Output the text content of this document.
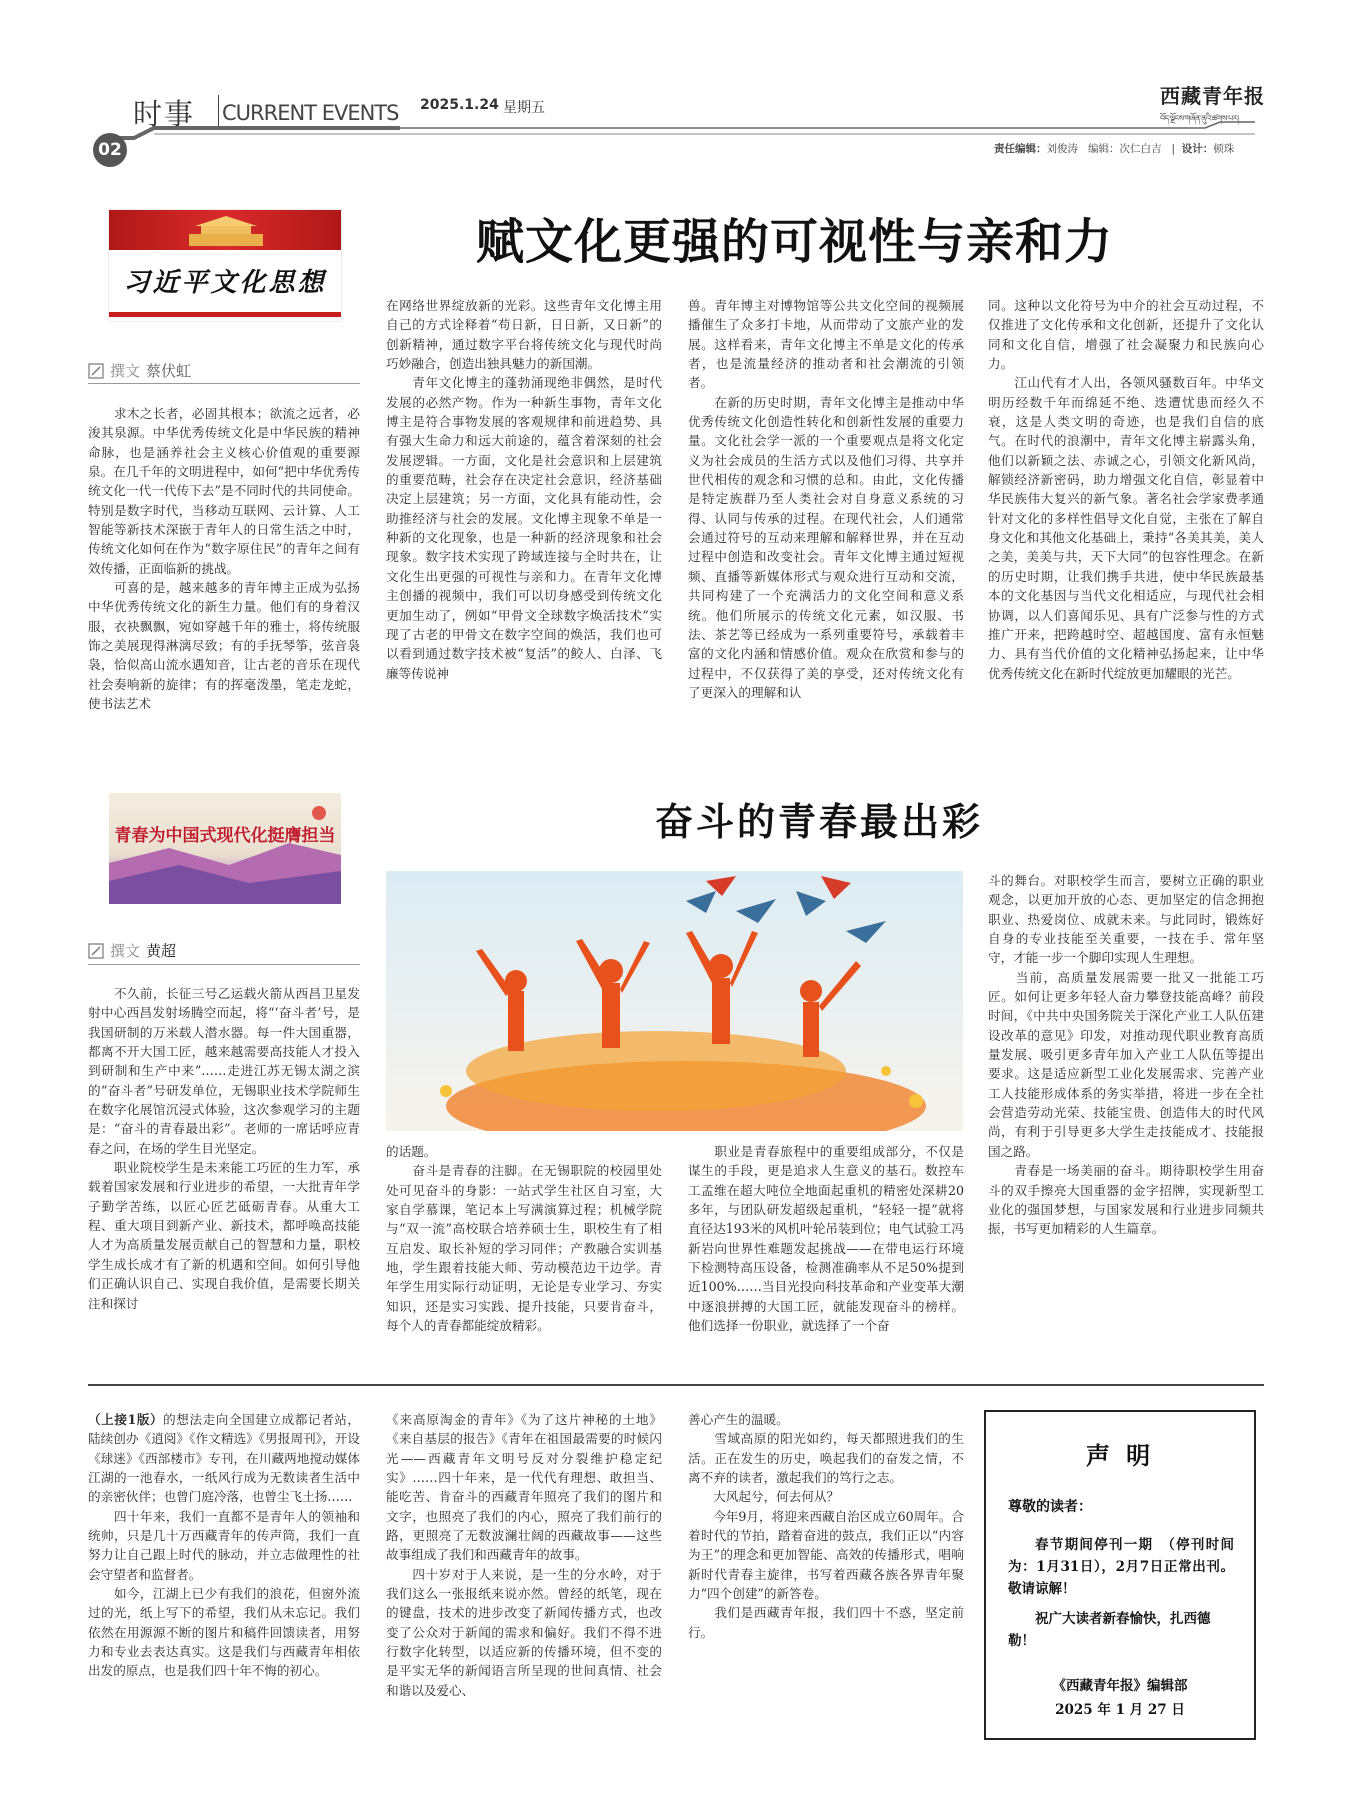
时事 CURRENT EVENTS 2025.1.24 星期五	西藏青年报
བོད་ལྗོངས་གཞོན་ནུའི་ཚགས་པར།
02	责任编辑：刘俊涛 编辑：次仁白吉   |  设计：顿珠
习近平文化思想
赋文化更强的可视性与亲和力
撰文 蔡伏虹
　　求木之长者，必固其根本；欲流之远者，必浚其泉源。中华优秀传统文化是中华民族的精神命脉，也是涵养社会主义核心价值观的重要源泉。在几千年的文明进程中，如何“把中华优秀传统文化一代一代传下去”是不同时代的共同使命。特别是数字时代，当移动互联网、云计算、人工智能等新技术深嵌于青年人的日常生活之中时，传统文化如何在作为“数字原住民”的青年之间有效传播，正面临新的挑战。
　　可喜的是，越来越多的青年博主正成为弘扬中华优秀传统文化的新生力量。他们有的身着汉服，衣袂飘飘，宛如穿越千年的雅士，将传统服饰之美展现得淋漓尽致；有的手抚琴筝，弦音袅袅，恰似高山流水遇知音，让古老的音乐在现代社会奏响新的旋律；有的挥毫泼墨，笔走龙蛇，使书法艺术
在网络世界绽放新的光彩。这些青年文化博主用自己的方式诠释着“苟日新，日日新，又日新”的创新精神，通过数字平台将传统文化与现代时尚巧妙融合，创造出独具魅力的新国潮。
　　青年文化博主的蓬勃涌现绝非偶然，是时代发展的必然产物。作为一种新生事物，青年文化博主是符合事物发展的客观规律和前进趋势、具有强大生命力和远大前途的，蕴含着深刻的社会发展逻辑。一方面，文化是社会意识和上层建筑的重要范畴，社会存在决定社会意识，经济基础决定上层建筑；另一方面，文化具有能动性，会助推经济与社会的发展。文化博主现象不单是一种新的文化现象，也是一种新的经济现象和社会现象。数字技术实现了跨域连接与全时共在，让文化生出更强的可视性与亲和力。在青年文化博主创播的视频中，我们可以切身感受到传统文化更加生动了，例如“甲骨文全球数字焕活技术”实现了古老的甲骨文在数字空间的焕活，我们也可以看到通过数字技术被“复活”的鲛人、白泽、飞廉等传说神
兽。青年博主对博物馆等公共文化空间的视频展播催生了众多打卡地，从而带动了文旅产业的发展。这样看来，青年文化博主不单是文化的传承者，也是流量经济的推动者和社会潮流的引领者。
　　在新的历史时期，青年文化博主是推动中华优秀传统文化创造性转化和创新性发展的重要力量。文化社会学一派的一个重要观点是将文化定义为社会成员的生活方式以及他们习得、共享并世代相传的观念和习惯的总和。由此，文化传播是特定族群乃至人类社会对自身意义系统的习得、认同与传承的过程。在现代社会，人们通常会通过符号的互动来理解和解释世界，并在互动过程中创造和改变社会。青年文化博主通过短视频、直播等新媒体形式与观众进行互动和交流，共同构建了一个充满活力的文化空间和意义系统。他们所展示的传统文化元素，如汉服、书法、茶艺等已经成为一系列重要符号，承载着丰富的文化内涵和情感价值。观众在欣赏和参与的过程中，不仅获得了美的享受，还对传统文化有了更深入的理解和认
同。这种以文化符号为中介的社会互动过程，不仅推进了文化传承和文化创新，还提升了文化认同和文化自信，增强了社会凝聚力和民族向心力。
　　江山代有才人出，各领风骚数百年。中华文明历经数千年而绵延不绝、迭遭忧患而经久不衰，这是人类文明的奇迹，也是我们自信的底气。在时代的浪潮中，青年文化博主崭露头角，他们以新颖之法、赤诚之心，引领文化新风尚，解锁经济新密码，助力增强文化自信，彰显着中华民族伟大复兴的新气象。著名社会学家费孝通针对文化的多样性倡导文化自觉，主张在了解自身文化和其他文化基础上，秉持“各美其美，美人之美，美美与共，天下大同”的包容性理念。在新的历史时期，让我们携手共进，使中华民族最基本的文化基因与当代文化相适应，与现代社会相协调，以人们喜闻乐见、具有广泛参与性的方式推广开来，把跨越时空、超越国度、富有永恒魅力、具有当代价值的文化精神弘扬起来，让中华优秀传统文化在新时代绽放更加耀眼的光芒。
青春为中国式现代化挺膺担当	奋斗的青春最出彩
撰文 黄超
　　不久前，长征三号乙运载火箭从西昌卫星发射中心西昌发射场腾空而起，将“‘奋斗者’号，是我国研制的万米载人潜水器。每一件大国重器，都离不开大国工匠，越来越需要高技能人才投入到研制和生产中来”……走进江苏无锡太湖之滨的“奋斗者”号研发单位，无锡职业技术学院师生在数字化展馆沉浸式体验，这次参观学习的主题是：“奋斗的青春最出彩”。老师的一席话呼应青春之问，在场的学生目光坚定。
　　职业院校学生是未来能工巧匠的生力军，承载着国家发展和行业进步的希望，一大批青年学子勤学苦练，以匠心匠艺砥砺青春。从重大工程、重大项目到新产业、新技术，都呼唤高技能人才为高质量发展贡献自己的智慧和力量，职校学生成长成才有了新的机遇和空间。如何引导他们正确认识自己、实现自我价值，是需要长期关注和探讨
的话题。
　　奋斗是青春的注脚。在无锡职院的校园里处处可见奋斗的身影：一站式学生社区自习室，大家自学慕课，笔记本上写满演算过程；机械学院与“双一流”高校联合培养硕士生，职校生有了相互启发、取长补短的学习同伴；产教融合实训基地，学生跟着技能大师、劳动模范边干边学。青年学生用实际行动证明，无论是专业学习、夯实知识，还是实习实践、提升技能，只要肯奋斗，每个人的青春都能绽放精彩。
　　职业是青春旅程中的重要组成部分，不仅是谋生的手段，更是追求人生意义的基石。数控车工孟维在超大吨位全地面起重机的精密处深耕20多年，与团队研发超级起重机，“轻轻一提”就将直径达193米的风机叶轮吊装到位；电气试验工冯新岩向世界性难题发起挑战——在带电运行环境下检测特高压设备，检测准确率从不足50%提到近100%……当目光投向科技革命和产业变革大潮中逐浪拼搏的大国工匠，就能发现奋斗的榜样。他们选择一份职业，就选择了一个奋
斗的舞台。对职校学生而言，要树立正确的职业观念，以更加开放的心态、更加坚定的信念拥抱职业、热爱岗位、成就未来。与此同时，锻炼好自身的专业技能至关重要，一技在手、常年坚守，才能一步一个脚印实现人生理想。
　　当前，高质量发展需要一批又一批能工巧匠。如何让更多年轻人奋力攀登技能高峰？前段时间，《中共中央国务院关于深化产业工人队伍建设改革的意见》印发，对推动现代职业教育高质量发展、吸引更多青年加入产业工人队伍等提出要求。这是适应新型工业化发展需求、完善产业工人技能形成体系的务实举措，将进一步在全社会营造劳动光荣、技能宝贵、创造伟大的时代风尚，有利于引导更多大学生走技能成才、技能报国之路。
　　青春是一场美丽的奋斗。期待职校学生用奋斗的双手擦亮大国重器的金字招牌，实现新型工业化的强国梦想，与国家发展和行业进步同频共振，书写更加精彩的人生篇章。

（上接1版）的想法走向全国建立成都记者站，陆续创办《逍阅》《作文精选》《男报周刊》，开设《球迷》《西部楼市》专刊，在川藏两地搅动媒体江湖的一池春水，一纸风行成为无数读者生活中的亲密伙伴；也曾门庭冷落，也曾尘飞土扬……
　　四十年来，我们一直都不是青年人的领袖和统帅，只是几十万西藏青年的传声筒，我们一直努力让自己跟上时代的脉动，并立志做理性的社会守望者和监督者。
　　如今，江湖上已少有我们的浪花，但窗外流过的光，纸上写下的希望，我们从未忘记。我们依然在用源源不断的图片和稿件回馈读者，用努力和专业去表达真实。这是我们与西藏青年相依出发的原点，也是我们四十年不悔的初心。

《来高原淘金的青年》《为了这片神秘的土地》《来自基层的报告》《青年在祖国最需要的时候闪光——西藏青年文明号反对分裂维护稳定纪实》……四十年来，是一代代有理想、敢担当、能吃苦、肯奋斗的西藏青年照亮了我们的图片和文字，也照亮了我们的内心，照亮了我们前行的路，更照亮了无数波澜壮阔的西藏故事——这些故事组成了我们和西藏青年的故事。
　　四十岁对于人来说，是一生的分水岭，对于我们这么一张报纸来说亦然。曾经的纸笔，现在的键盘，技术的进步改变了新闻传播方式，也改变了公众对于新闻的需求和偏好。我们不得不进行数字化转型，以适应新的传播环境，但不变的是平实无华的新闻语言所呈现的世间真情、社会和谐以及爱心、
善心产生的温暖。
　　雪域高原的阳光如约，每天都照进我们的生活。正在发生的历史，唤起我们的奋发之情，不离不弃的读者，激起我们的笃行之志。
　　大风起兮，何去何从？
　　今年9月，将迎来西藏自治区成立60周年。合着时代的节拍，踏着奋进的鼓点，我们正以“内容为王”的理念和更加智能、高效的传播形式，唱响新时代青春主旋律，书写着西藏各族各界青年聚力“四个创建”的新答卷。
　　我们是西藏青年报，我们四十不惑，坚定前行。
声 明
尊敬的读者：
春节期间停刊一期　（停刊时间为：1月31日），2月7日正常出刊。敬请谅解！
祝广大读者新春愉快，扎西德勒！
《西藏青年报》编辑部
2025 年 1 月 27 日
